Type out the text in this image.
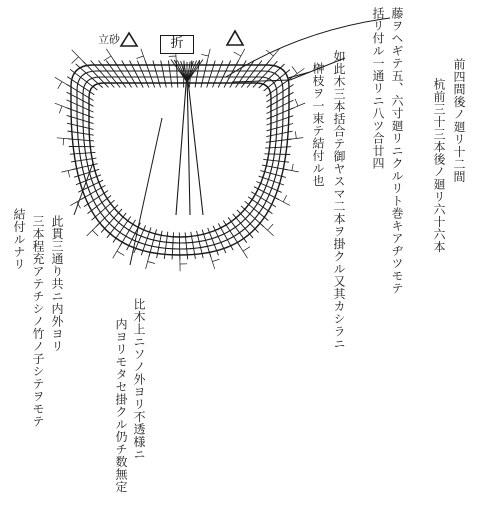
立砂	折
前四間後ノ廻リ十二間
杭前三十三本後ノ廻リ六十六本
藤ヲヘギテ五、六寸廻リニクルリト巻キアヂツモテ
括リ付ル一通リニ八ツ合廿四
如此木三本括合テ御ヤスマ二本ヲ掛クル又其カシラニ
榊枝ヲ一束テ結付ル也
比木上ニソノ外ヨリ不透様ニ
内ヨリモタセ掛クル仍チ数無定
此貫三通り共ニ内外ヨリ
三本程充アテチシノ竹ノ子シテヲモテ
結付ルナリ
